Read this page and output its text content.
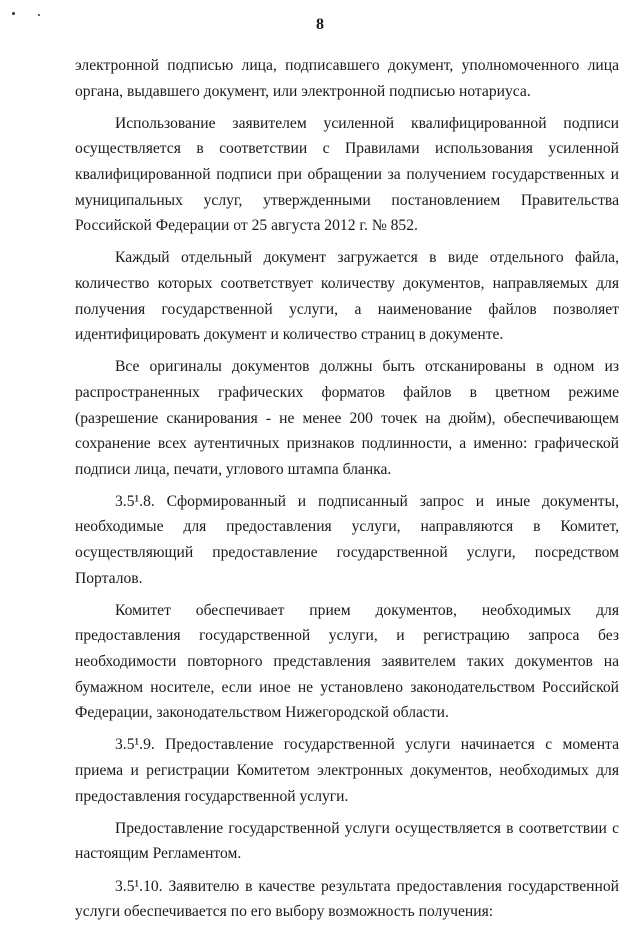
8

электронной подписью лица, подписавшего документ, уполномоченного лица органа, выдавшего документ, или электронной подписью нотариуса.

Использование заявителем усиленной квалифицированной подписи осуществляется в соответствии с Правилами использования усиленной квалифицированной подписи при обращении за получением государственных и муниципальных услуг, утвержденными постановлением Правительства Российской Федерации от 25 августа 2012 г. № 852.

Каждый отдельный документ загружается в виде отдельного файла, количество которых соответствует количеству документов, направляемых для получения государственной услуги, а наименование файлов позволяет идентифицировать документ и количество страниц в документе.

Все оригиналы документов должны быть отсканированы в одном из распространенных графических форматов файлов в цветном режиме (разрешение сканирования - не менее 200 точек на дюйм), обеспечивающем сохранение всех аутентичных признаков подлинности, а именно: графической подписи лица, печати, углового штампа бланка.

3.5¹.8. Сформированный и подписанный запрос и иные документы, необходимые для предоставления услуги, направляются в Комитет, осуществляющий предоставление государственной услуги, посредством Порталов.

Комитет обеспечивает прием документов, необходимых для предоставления государственной услуги, и регистрацию запроса без необходимости повторного представления заявителем таких документов на бумажном носителе, если иное не установлено законодательством Российской Федерации, законодательством Нижегородской области.

3.5¹.9. Предоставление государственной услуги начинается с момента приема и регистрации Комитетом электронных документов, необходимых для предоставления государственной услуги.

Предоставление государственной услуги осуществляется в соответствии с настоящим Регламентом.

3.5¹.10. Заявителю в качестве результата предоставления государственной услуги обеспечивается по его выбору возможность получения:
